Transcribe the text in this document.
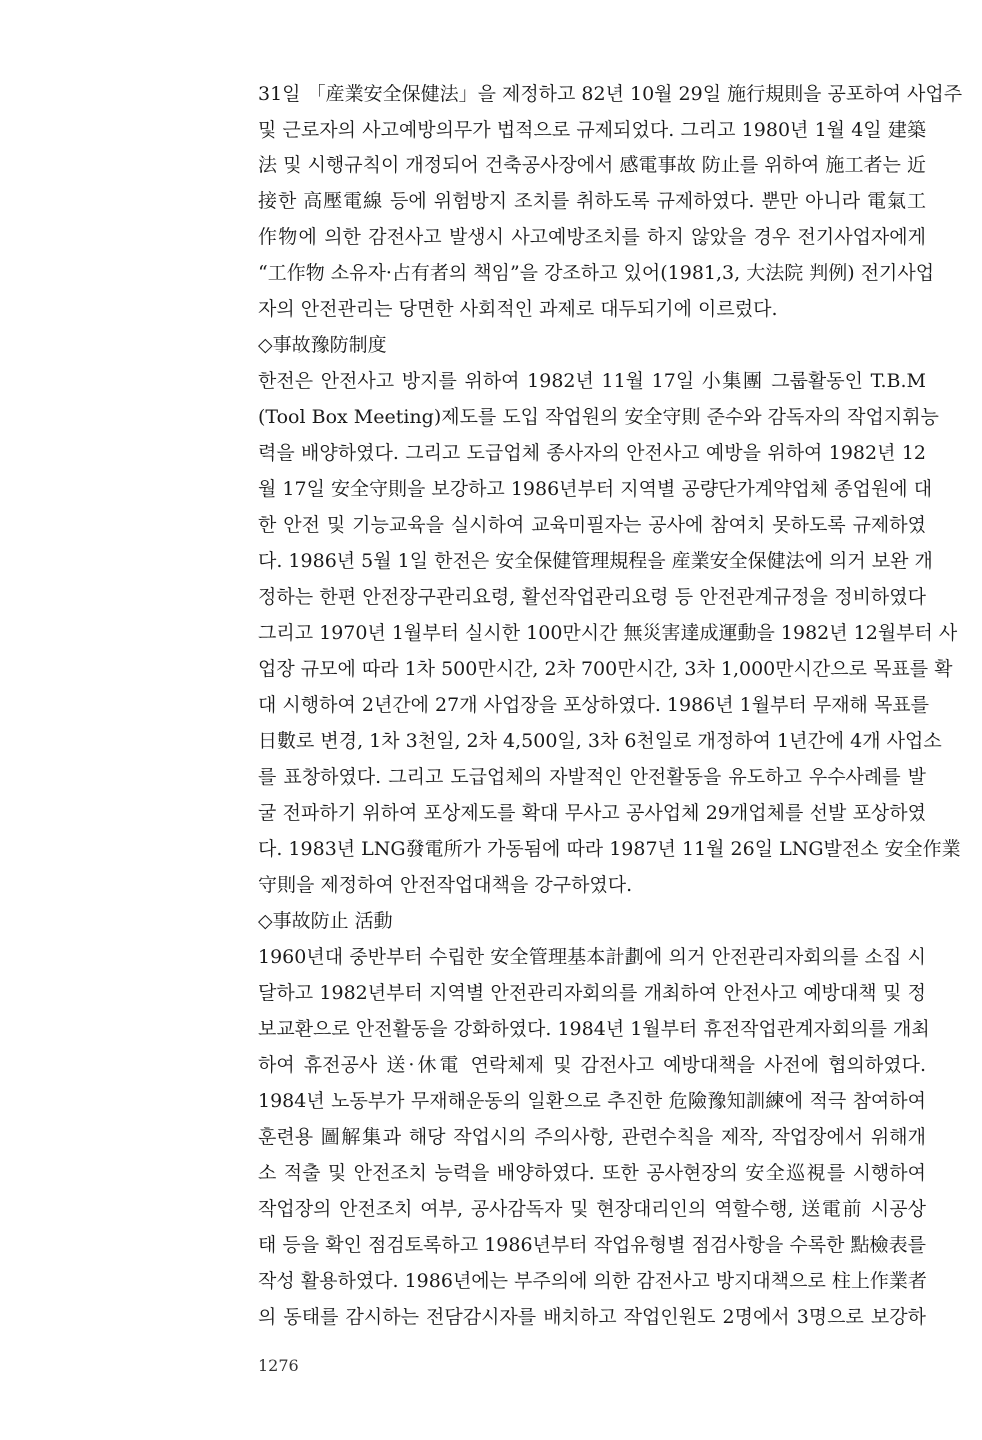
31일 「産業安全保健法」을 제정하고 82년 10월 29일 施行規則을 공포하여 사업주
및 근로자의 사고예방의무가 법적으로 규제되었다. 그리고 1980년 1월 4일 建築
法 및 시행규칙이 개정되어 건축공사장에서 感電事故 防止를 위하여 施工者는 近
接한 高壓電線 등에 위험방지 조치를 취하도록 규제하였다. 뿐만 아니라 電氣工
作物에 의한 감전사고 발생시 사고예방조치를 하지 않았을 경우 전기사업자에게
“工作物 소유자·占有者의 책임”을 강조하고 있어(1981,3, 大法院 判例) 전기사업
자의 안전관리는 당면한 사회적인 과제로 대두되기에 이르렀다.
◇事故豫防制度
한전은 안전사고 방지를 위하여 1982년 11월 17일 小集團 그룹활동인 T.B.M
(Tool Box Meeting)제도를 도입 작업원의 安全守則 준수와 감독자의 작업지휘능
력을 배양하였다. 그리고 도급업체 종사자의 안전사고 예방을 위하여 1982년 12
월 17일 安全守則을 보강하고 1986년부터 지역별 공량단가계약업체 종업원에 대
한 안전 및 기능교육을 실시하여 교육미필자는 공사에 참여치 못하도록 규제하였
다. 1986년 5월 1일 한전은 安全保健管理規程을 産業安全保健法에 의거 보완 개
정하는 한편 안전장구관리요령, 활선작업관리요령 등 안전관계규정을 정비하였다
그리고 1970년 1월부터 실시한 100만시간 無災害達成運動을 1982년 12월부터 사
업장 규모에 따라 1차 500만시간, 2차 700만시간, 3차 1,000만시간으로 목표를 확
대 시행하여 2년간에 27개 사업장을 포상하였다. 1986년 1월부터 무재해 목표를
日數로 변경, 1차 3천일, 2차 4,500일, 3차 6천일로 개정하여 1년간에 4개 사업소
를 표창하였다. 그리고 도급업체의 자발적인 안전활동을 유도하고 우수사례를 발
굴 전파하기 위하여 포상제도를 확대 무사고 공사업체 29개업체를 선발 포상하였
다. 1983년 LNG發電所가 가동됨에 따라 1987년 11월 26일 LNG발전소 安全作業
守則을 제정하여 안전작업대책을 강구하였다.
◇事故防止 活動
1960년대 중반부터 수립한 安全管理基本計劃에 의거 안전관리자회의를 소집 시
달하고 1982년부터 지역별 안전관리자회의를 개최하여 안전사고 예방대책 및 정
보교환으로 안전활동을 강화하였다. 1984년 1월부터 휴전작업관계자회의를 개최
하여 휴전공사 送·休電 연락체제 및 감전사고 예방대책을 사전에 협의하였다.
1984년 노동부가 무재해운동의 일환으로 추진한 危險豫知訓練에 적극 참여하여
훈련용 圖解集과 해당 작업시의 주의사항, 관련수칙을 제작, 작업장에서 위해개
소 적출 및 안전조치 능력을 배양하였다. 또한 공사현장의 安全巡視를 시행하여
작업장의 안전조치 여부, 공사감독자 및 현장대리인의 역할수행, 送電前 시공상
태 등을 확인 점검토록하고 1986년부터 작업유형별 점검사항을 수록한 點檢表를
작성 활용하였다. 1986년에는 부주의에 의한 감전사고 방지대책으로 柱上作業者
의 동태를 감시하는 전담감시자를 배치하고 작업인원도 2명에서 3명으로 보강하
1276
